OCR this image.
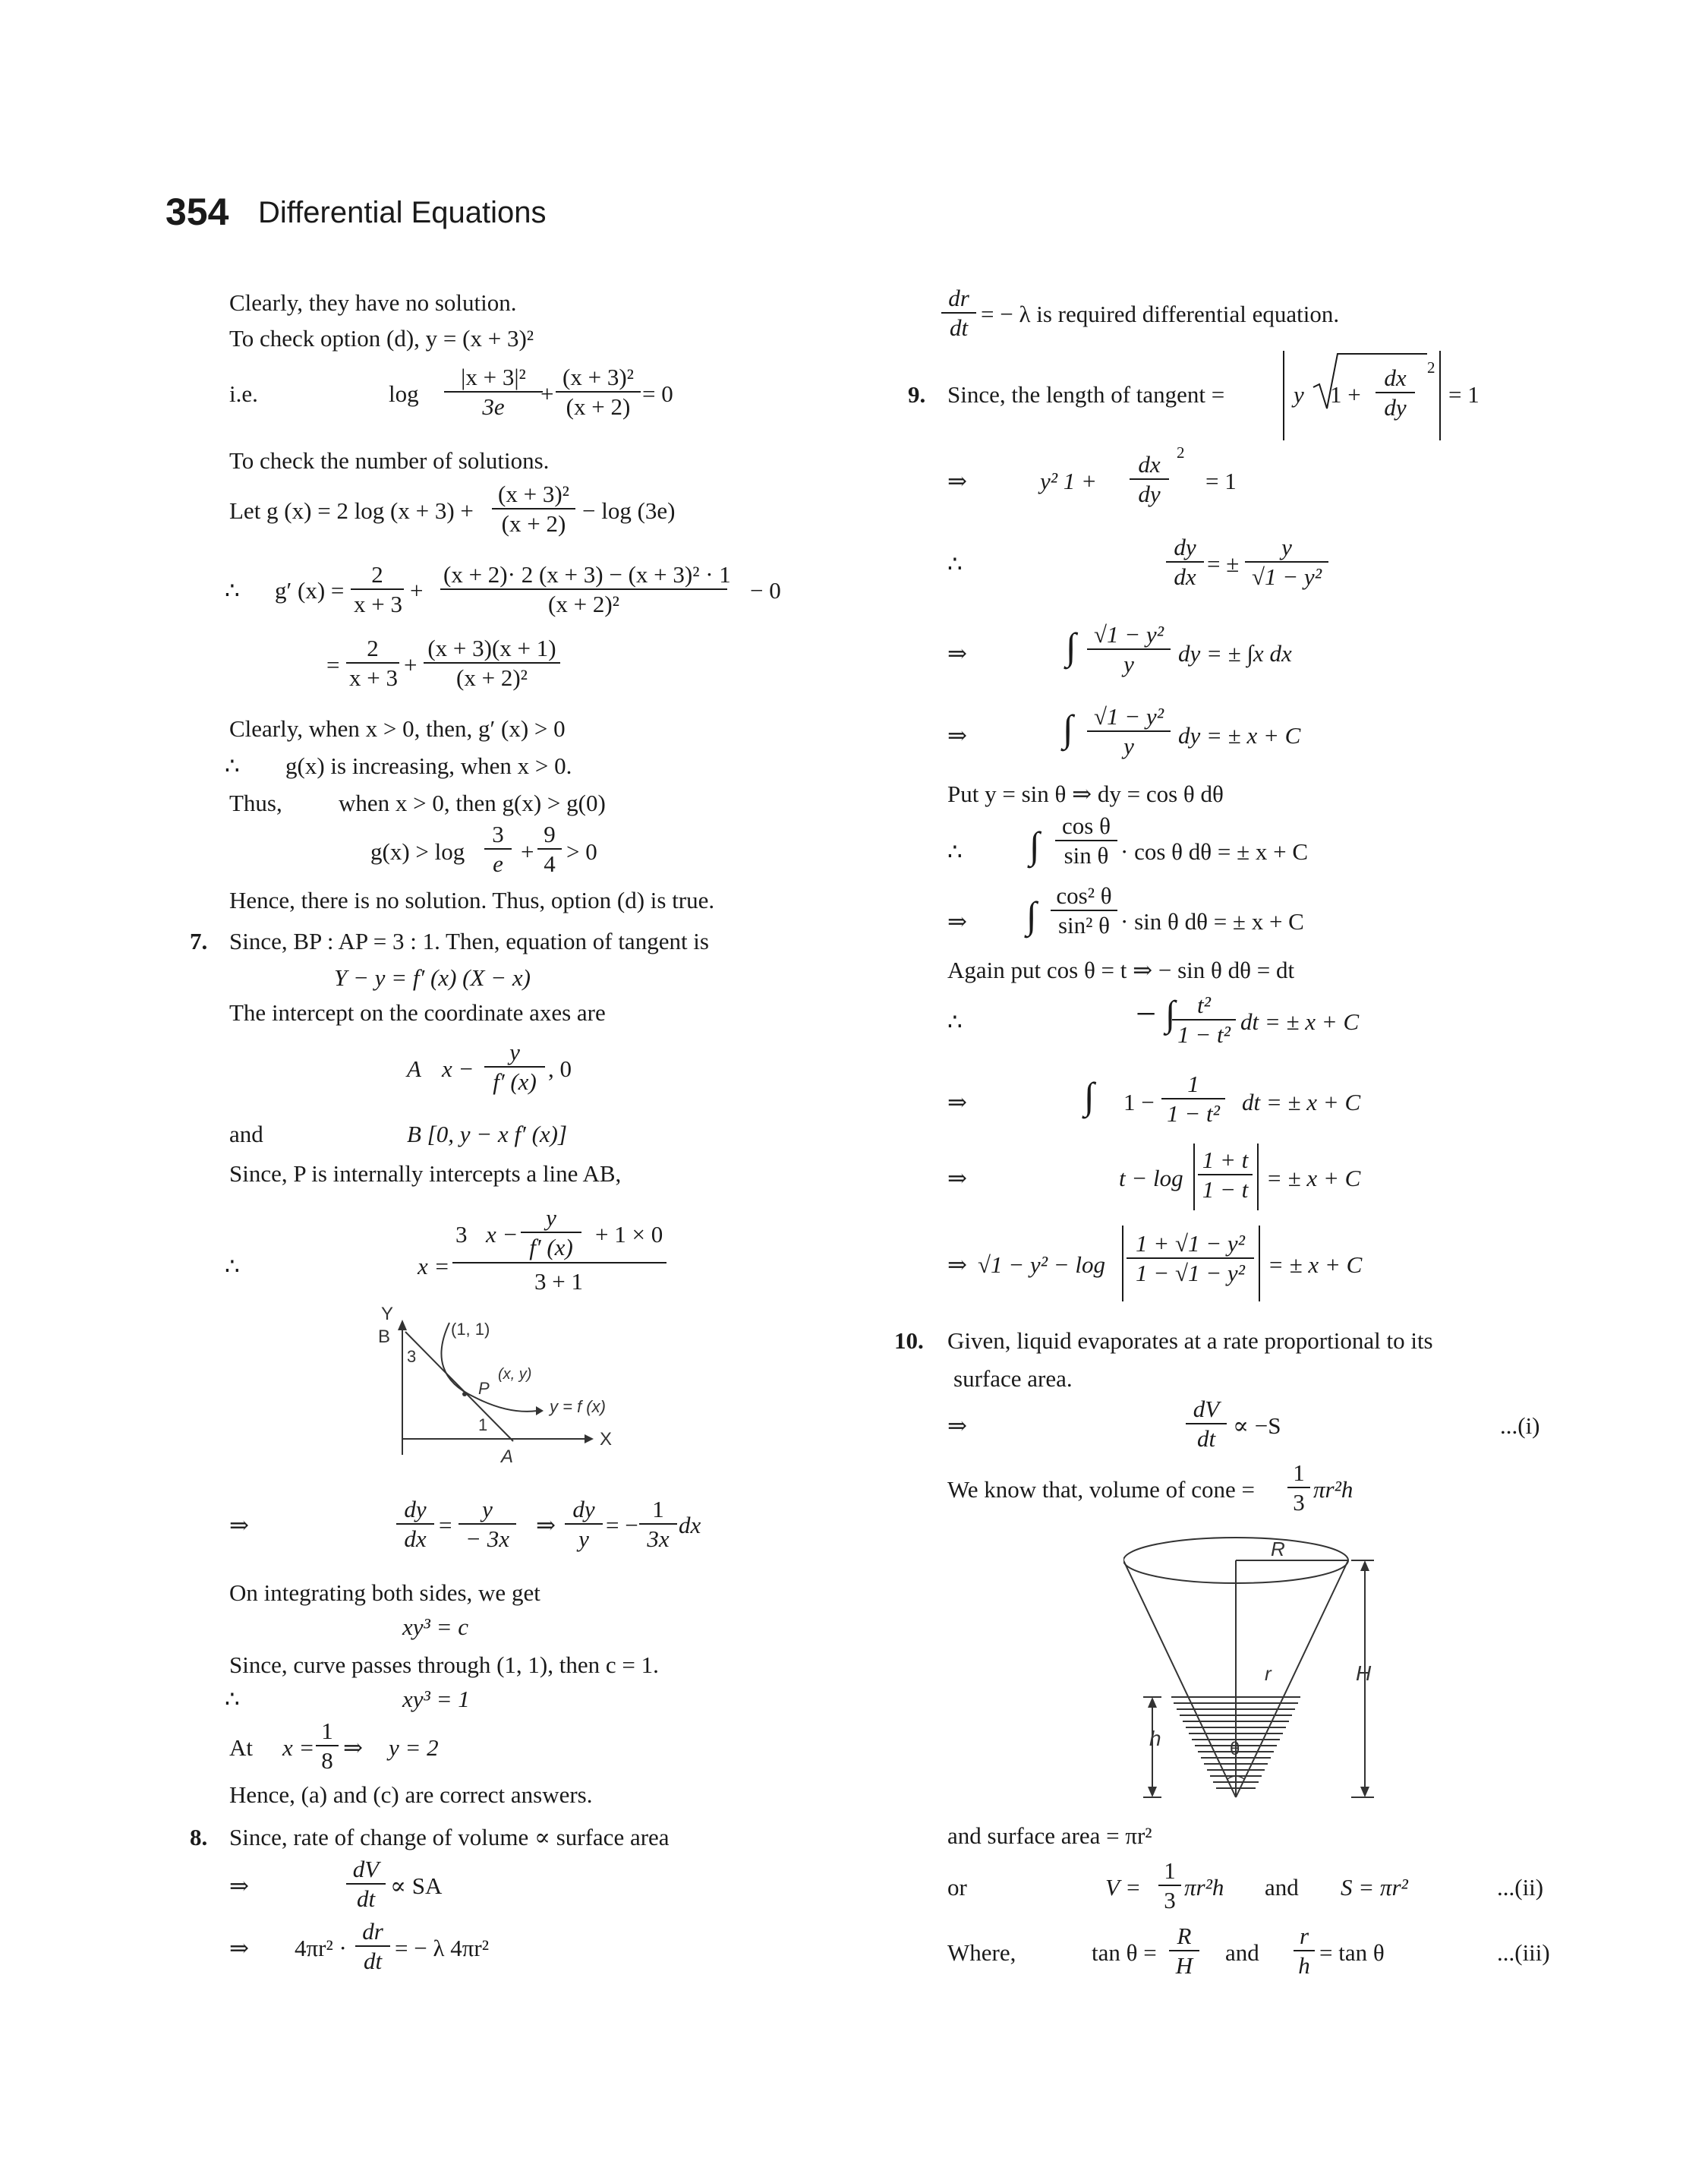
354 Differential Equations
Clearly, they have no solution.
To check option (d), y = (x + 3)²
i.e.	log
|x + 3|²
3e	+
(x + 3)²
(x + 2) = 0
To check the number of solutions.
Let g (x) = 2 log (x + 3) +
(x + 3)²
(x + 2) − log (3e)
∴ g′ (x) =
2
x + 3
+
(x + 2)· 2 (x + 3) − (x + 3)² · 1
(x + 2)²
− 0
=
2
x + 3 +
(x + 3)(x + 1)
(x + 2)²
Clearly, when x > 0, then, g′ (x) > 0
∴ g(x) is increasing, when x > 0.
Thus, when x > 0, then g(x) > g(0)
g(x) > log
3
e +
9
4 > 0
Hence, there is no solution. Thus, option (d) is true.
7. Since, BP : AP = 3 : 1. Then, equation of tangent is
Y − y = f′ (x) (X − x)
The intercept on the coordinate axes are
A x −
y
f′ (x) , 0
and	B [0, y − x f′ (x)]
Since, P is internally intercepts a line AB,
∴	x =
3 x −
y
f′ (x) + 1 × 0
3 + 1
Y
B
3
(1, 1)
(x, y)
P
y = f (x)
1
X
A
⇒
dy
dx
=
y
− 3x
⇒
dy
y
= −
1
3x
dx
On integrating both sides, we get
xy³ = c
Since, curve passes through (1, 1), then c = 1.
∴	xy³ = 1
At x =
1
8 ⇒ y = 2
Hence, (a) and (c) are correct answers.
8. Since, rate of change of volume ∝ surface area
⇒
dV
dt ∝ SA
⇒ 4πr² ·
dr
dt = − λ 4πr²
dr
dt
= − λ is required differential equation.
9. Since, the length of tangent =	y 1 +
dx
dy
2
= 1
⇒	y² 1 +
dx
dy
2
= 1
∴
dy
dx = ±
y
√1 − y²
⇒	∫ √1 − y²
y	dy = ± ∫x dx
⇒	∫ √1 − y²
y	dy = ± x + C
Put y = sin θ ⇒ dy = cos θ dθ
∴ ∫ cos θ
sin θ · cos θ dθ = ± x + C
⇒ ∫ cos² θ
sin² θ · sin θ dθ = ± x + C
Again put cos θ = t ⇒ − sin θ dθ = dt
∴	− ∫ t²
1 − t² dt = ± x + C
⇒	∫ 1 −
1
1 − t² dt = ± x + C
⇒	t − log
1 + t
1 − t = ± x + C
⇒ √1 − y² − log
1 + √1 − y²
1 − √1 − y² = ± x + C
10. Given, liquid evaporates at a rate proportional to its
surface area.
⇒
dV
dt ∝ −S	...(i)
We know that, volume of cone =
1
3 πr²h
R
r	H
h	θ
and surface area = πr²
or	V =
1
3 πr²h and S = πr²	...(ii)
Where,	tan θ =
R
H and
r
h = tan θ	...(iii)
